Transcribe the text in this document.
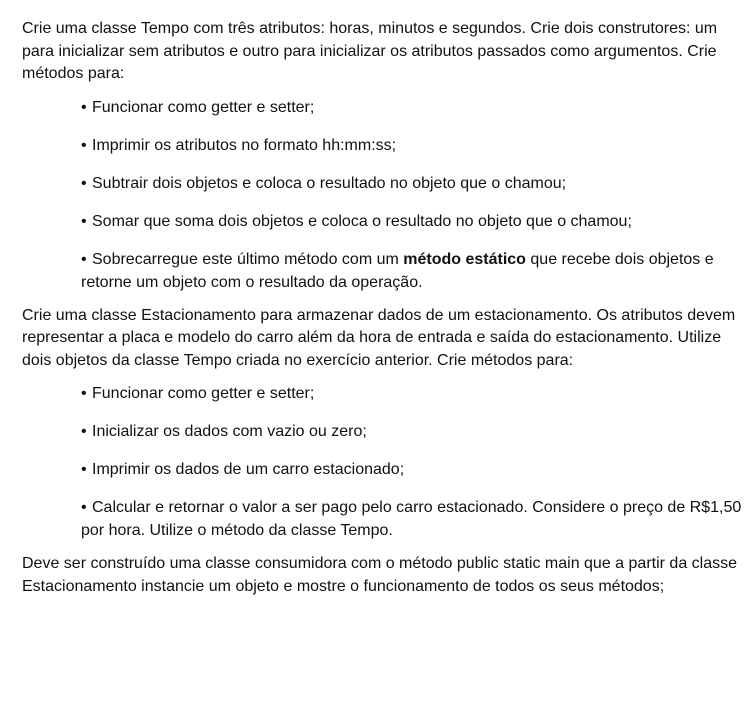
Crie uma classe Tempo com três atributos: horas, minutos e segundos. Crie dois construtores: um para inicializar sem atributos e outro para inicializar os atributos passados como argumentos. Crie métodos para:

• Funcionar como getter e setter;
• Imprimir os atributos no formato hh:mm:ss;
• Subtrair dois objetos e coloca o resultado no objeto que o chamou;
• Somar que soma dois objetos e coloca o resultado no objeto que o chamou;
• Sobrecarregue este último método com um método estático que recebe dois objetos e retorne um objeto com o resultado da operação.

Crie uma classe Estacionamento para armazenar dados de um estacionamento. Os atributos devem representar a placa e modelo do carro além da hora de entrada e saída do estacionamento. Utilize dois objetos da classe Tempo criada no exercício anterior. Crie métodos para:

• Funcionar como getter e setter;
• Inicializar os dados com vazio ou zero;
• Imprimir os dados de um carro estacionado;
• Calcular e retornar o valor a ser pago pelo carro estacionado. Considere o preço de R$1,50 por hora. Utilize o método da classe Tempo.

Deve ser construído uma classe consumidora com o método public static main que a partir da classe Estacionamento instancie um objeto e mostre o funcionamento de todos os seus métodos;
